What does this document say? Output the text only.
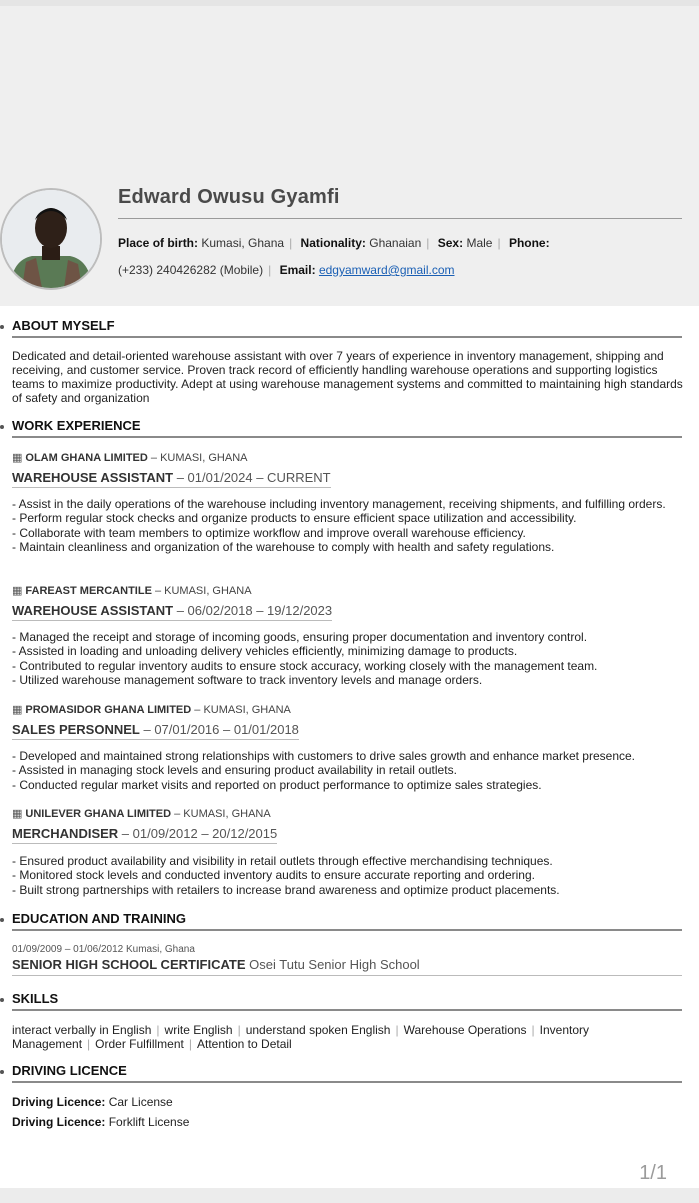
Edward Owusu Gyamfi
Place of birth: Kumasi, Ghana | Nationality: Ghanaian | Sex: Male | Phone:
(+233) 240426282 (Mobile) | Email: edgyamward@gmail.com
ABOUT MYSELF
Dedicated and detail-oriented warehouse assistant with over 7 years of experience in inventory management, shipping and receiving, and customer service. Proven track record of efficiently handling warehouse operations and supporting logistics teams to maximize productivity. Adept at using warehouse management systems and committed to maintaining high standards of safety and organization
WORK EXPERIENCE
▦ OLAM GHANA LIMITED – KUMASI, GHANA
WAREHOUSE ASSISTANT – 01/01/2024 – CURRENT
- Assist in the daily operations of the warehouse including inventory management, receiving shipments, and fulfilling orders.
- Perform regular stock checks and organize products to ensure efficient space utilization and accessibility.
- Collaborate with team members to optimize workflow and improve overall warehouse efficiency.
- Maintain cleanliness and organization of the warehouse to comply with health and safety regulations.
▦ FAREAST MERCANTILE – KUMASI, GHANA
WAREHOUSE ASSISTANT – 06/02/2018 – 19/12/2023
- Managed the receipt and storage of incoming goods, ensuring proper documentation and inventory control.
- Assisted in loading and unloading delivery vehicles efficiently, minimizing damage to products.
- Contributed to regular inventory audits to ensure stock accuracy, working closely with the management team.
- Utilized warehouse management software to track inventory levels and manage orders.
▦ PROMASIDOR GHANA LIMITED – KUMASI, GHANA
SALES PERSONNEL – 07/01/2016 – 01/01/2018
- Developed and maintained strong relationships with customers to drive sales growth and enhance market presence.
- Assisted in managing stock levels and ensuring product availability in retail outlets.
- Conducted regular market visits and reported on product performance to optimize sales strategies.
▦ UNILEVER GHANA LIMITED – KUMASI, GHANA
MERCHANDISER – 01/09/2012 – 20/12/2015
- Ensured product availability and visibility in retail outlets through effective merchandising techniques.
- Monitored stock levels and conducted inventory audits to ensure accurate reporting and ordering.
- Built strong partnerships with retailers to increase brand awareness and optimize product placements.
EDUCATION AND TRAINING
01/09/2009 – 01/06/2012 Kumasi, Ghana
SENIOR HIGH SCHOOL CERTIFICATE Osei Tutu Senior High School
SKILLS
interact verbally in English | write English | understand spoken English | Warehouse Operations | Inventory Management | Order Fulfillment | Attention to Detail
DRIVING LICENCE
Driving Licence: Car License
Driving Licence: Forklift License
1/1
